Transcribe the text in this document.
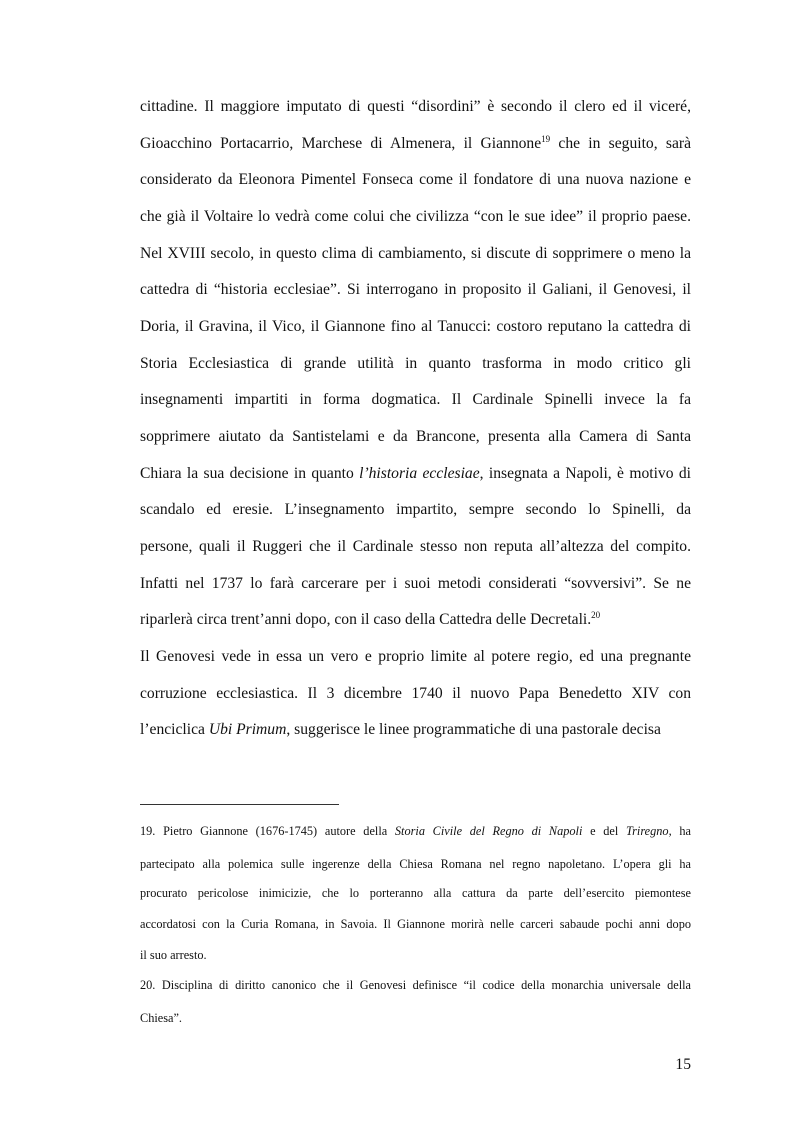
cittadine. Il maggiore imputato di questi “disordini” è secondo il clero ed il viceré,

Gioacchino Portacarrio, Marchese di Almenera, il Giannone$^{19}$ che in seguito, sarà

considerato da Eleonora Pimentel Fonseca come il fondatore di una nuova nazione e

che già il Voltaire lo vedrà come colui che civilizza “con le sue idee” il proprio paese.

Nel XVIII secolo, in questo clima di cambiamento, si discute di sopprimere o meno la

cattedra di “historia ecclesiae”. Si interrogano in proposito il Galiani, il Genovesi, il

Doria, il Gravina, il Vico, il Giannone fino al Tanucci: costoro reputano la cattedra di

Storia Ecclesiastica di grande utilità in quanto trasforma in modo critico gli

insegnamenti impartiti in forma dogmatica. Il Cardinale Spinelli invece la fa

sopprimere aiutato da Santistelami e da Brancone, presenta alla Camera di Santa

Chiara la sua decisione in quanto l’historia ecclesiae, insegnata a Napoli, è motivo di

scandalo ed eresie. L’insegnamento impartito, sempre secondo lo Spinelli, da

persone, quali il Ruggeri che il Cardinale stesso non reputa all’altezza del compito.

Infatti nel 1737 lo farà carcerare per i suoi metodi considerati “sovversivi”. Se ne

riparlerà circa trent’anni dopo, con il caso della Cattedra delle Decretali.$^{20}$

Il Genovesi vede in essa un vero e proprio limite al potere regio, ed una pregnante

corruzione ecclesiastica. Il 3 dicembre 1740 il nuovo Papa Benedetto XIV con

l’enciclica Ubi Primum, suggerisce le linee programmatiche di una pastorale decisa

19. Pietro Giannone (1676-1745) autore della Storia Civile del Regno di Napoli e del Triregno, ha

partecipato alla polemica sulle ingerenze della Chiesa Romana nel regno napoletano. L’opera gli ha

procurato pericolose inimicizie, che lo porteranno alla cattura da parte dell’esercito piemontese

accordatosi con la Curia Romana, in Savoia. Il Giannone morirà nelle carceri sabaude pochi anni dopo

il suo arresto.

20. Disciplina di diritto canonico che il Genovesi definisce “il codice della monarchia universale della

Chiesa”.

15
